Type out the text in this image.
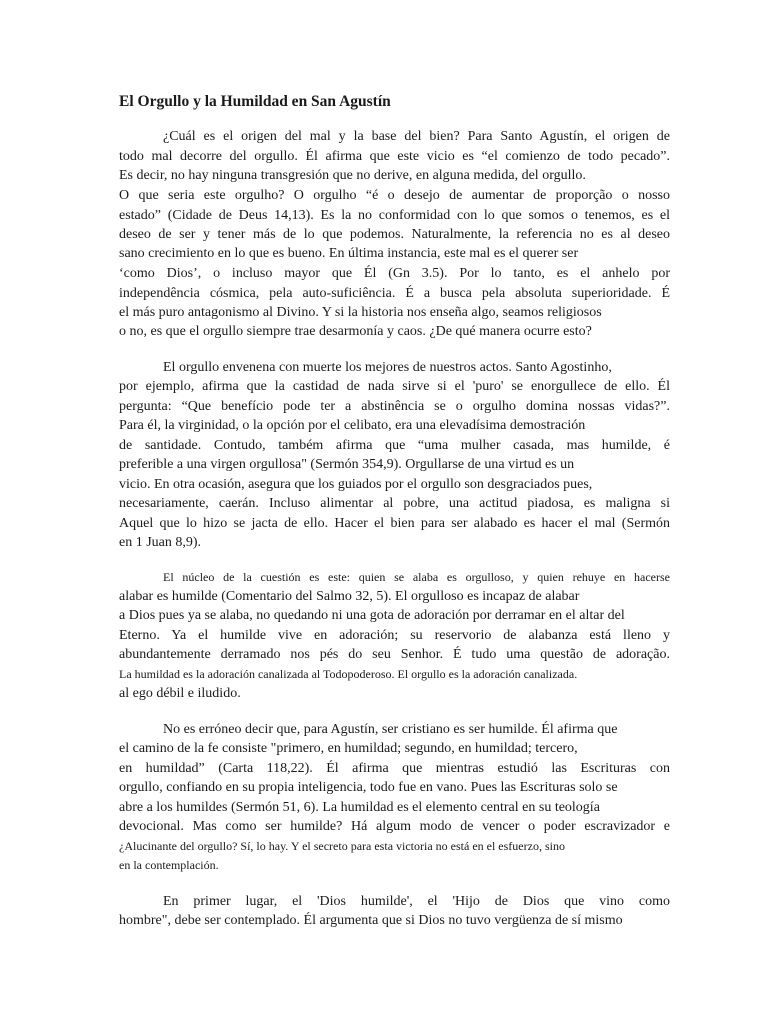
El Orgullo y la Humildad en San Agustín
¿Cuál es el origen del mal y la base del bien? Para Santo Agustín, el origen de
todo mal decorre del orgullo. Él afirma que este vicio es “el comienzo de todo pecado”.
Es decir, no hay ninguna transgresión que no derive, en alguna medida, del orgullo.
O que seria este orgulho? O orgulho “é o desejo de aumentar de proporção o nosso
estado” (Cidade de Deus 14,13). Es la no conformidad con lo que somos o tenemos, es el
deseo de ser y tener más de lo que podemos. Naturalmente, la referencia no es al deseo
sano crecimiento en lo que es bueno. En última instancia, este mal es el querer ser
‘como Dios’, o incluso mayor que Él (Gn 3.5). Por lo tanto, es el anhelo por
independência cósmica, pela auto-suficiência. É a busca pela absoluta superioridade. É
el más puro antagonismo al Divino. Y si la historia nos enseña algo, seamos religiosos
o no, es que el orgullo siempre trae desarmonía y caos. ¿De qué manera ocurre esto?
El orgullo envenena con muerte los mejores de nuestros actos. Santo Agostinho,
por ejemplo, afirma que la castidad de nada sirve si el 'puro' se enorgullece de ello. Él
pergunta: “Que benefício pode ter a abstinência se o orgulho domina nossas vidas?”.
Para él, la virginidad, o la opción por el celibato, era una elevadísima demostración
de santidade. Contudo, também afirma que “uma mulher casada, mas humilde, é
preferible a una virgen orgullosa" (Sermón 354,9). Orgullarse de una virtud es un
vicio. En otra ocasión, asegura que los guiados por el orgullo son desgraciados pues,
necesariamente, caerán. Incluso alimentar al pobre, una actitud piadosa, es maligna si
Aquel que lo hizo se jacta de ello. Hacer el bien para ser alabado es hacer el mal (Sermón
en 1 Juan 8,9).
El núcleo de la cuestión es este: quien se alaba es orgulloso, y quien rehuye en hacerse
alabar es humilde (Comentario del Salmo 32, 5). El orgulloso es incapaz de alabar
a Dios pues ya se alaba, no quedando ni una gota de adoración por derramar en el altar del
Eterno. Ya el humilde vive en adoración; su reservorio de alabanza está lleno y
abundantemente derramado nos pés do seu Senhor. É tudo uma questão de adoração.
La humildad es la adoración canalizada al Todopoderoso. El orgullo es la adoración canalizada.
al ego débil e iludido.
No es erróneo decir que, para Agustín, ser cristiano es ser humilde. Él afirma que
el camino de la fe consiste "primero, en humildad; segundo, en humildad; tercero,
en humildad” (Carta 118,22). Él afirma que mientras estudió las Escrituras con
orgullo, confiando en su propia inteligencia, todo fue en vano. Pues las Escrituras solo se
abre a los humildes (Sermón 51, 6). La humildad es el elemento central en su teología
devocional. Mas como ser humilde? Há algum modo de vencer o poder escravizador e
¿Alucinante del orgullo? Sí, lo hay. Y el secreto para esta victoria no está en el esfuerzo, sino
en la contemplación.
En primer lugar, el 'Dios humilde', el 'Hijo de Dios que vino como
hombre", debe ser contemplado. Él argumenta que si Dios no tuvo vergüenza de sí mismo
